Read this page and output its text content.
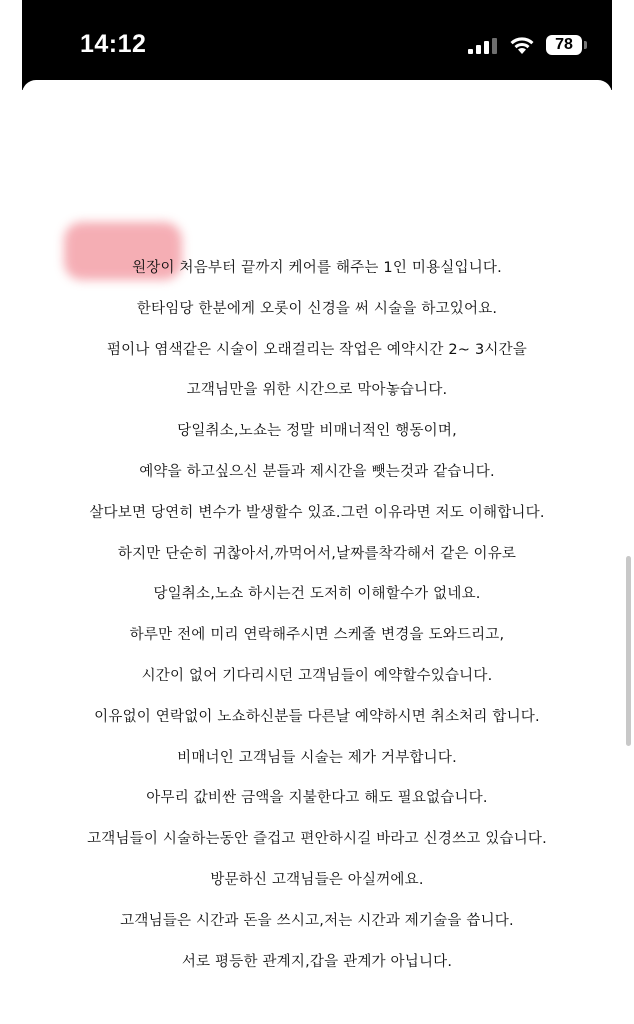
14:12	78
원장이 처음부터 끝까지 케어를 해주는 1인 미용실입니다.
한타임당 한분에게 오롯이 신경을 써 시술을 하고있어요.
펌이나 염색같은 시술이 오래걸리는 작업은 예약시간 2~ 3시간을
고객님만을 위한 시간으로 막아놓습니다.
당일취소,노쇼는 정말 비매너적인 행동이며,
예약을 하고싶으신 분들과 제시간을 뺏는것과 같습니다.
살다보면 당연히 변수가 발생할수 있죠.그런 이유라면 저도 이해합니다.
하지만 단순히 귀찮아서,까먹어서,날짜를착각해서 같은 이유로
당일취소,노쇼 하시는건 도저히 이해할수가 없네요.
하루만 전에 미리 연락해주시면 스케줄 변경을 도와드리고,
시간이 없어 기다리시던 고객님들이 예약할수있습니다.
이유없이 연락없이 노쇼하신분들 다른날 예약하시면 취소처리 합니다.
비매너인 고객님들 시술는 제가 거부합니다.
아무리 값비싼 금액을 지불한다고 해도 필요없습니다.
고객님들이 시술하는동안 즐겁고 편안하시길 바라고 신경쓰고 있습니다.
방문하신 고객님들은 아실꺼에요.
고객님들은 시간과 돈을 쓰시고,저는 시간과 제기술을 씁니다.
서로 평등한 관계지,갑을 관계가 아닙니다.
